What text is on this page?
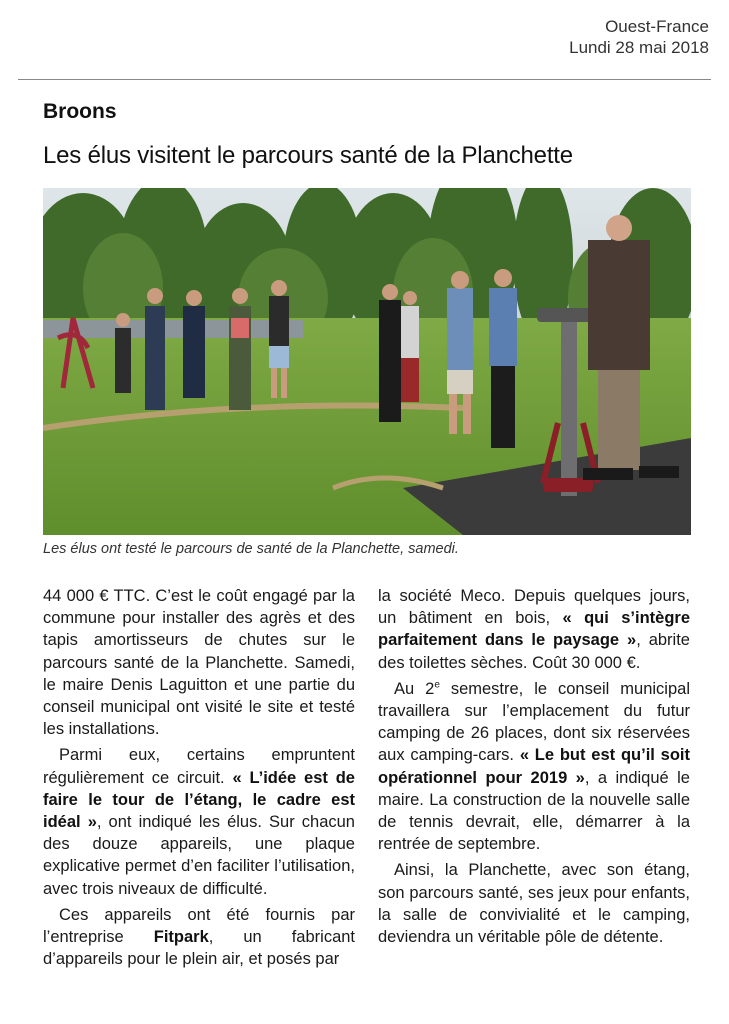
Ouest-France
Lundi 28 mai 2018
Broons
Les élus visitent le parcours santé de la Planchette
Les élus ont testé le parcours de santé de la Planchette, samedi.

44 000 € TTC. C’est le coût engagé par la commune pour installer des agrès et des tapis amortisseurs de chutes sur le parcours santé de la Planchette. Samedi, le maire Denis Laguitton et une partie du conseil municipal ont visité le site et testé les installations.

Parmi eux, certains empruntent régulièrement ce circuit. « L’idée est de faire le tour de l’étang, le cadre est idéal », ont indiqué les élus. Sur chacun des douze appareils, une plaque explicative permet d’en faciliter l’utilisation, avec trois niveaux de difficulté.

Ces appareils ont été fournis par l’entreprise Fitpark, un fabricant d’appareils pour le plein air, et posés par

la société Meco. Depuis quelques jours, un bâtiment en bois, « qui s’intègre parfaitement dans le paysage », abrite des toilettes sèches. Coût 30 000 €.

Au 2e semestre, le conseil municipal travaillera sur l’emplacement du futur camping de 26 places, dont six réservées aux camping-cars. « Le but est qu’il soit opérationnel pour 2019 », a indiqué le maire. La construction de la nouvelle salle de tennis devrait, elle, démarrer à la rentrée de septembre.

Ainsi, la Planchette, avec son étang, son parcours santé, ses jeux pour enfants, la salle de convivialité et le camping, deviendra un véritable pôle de détente.
